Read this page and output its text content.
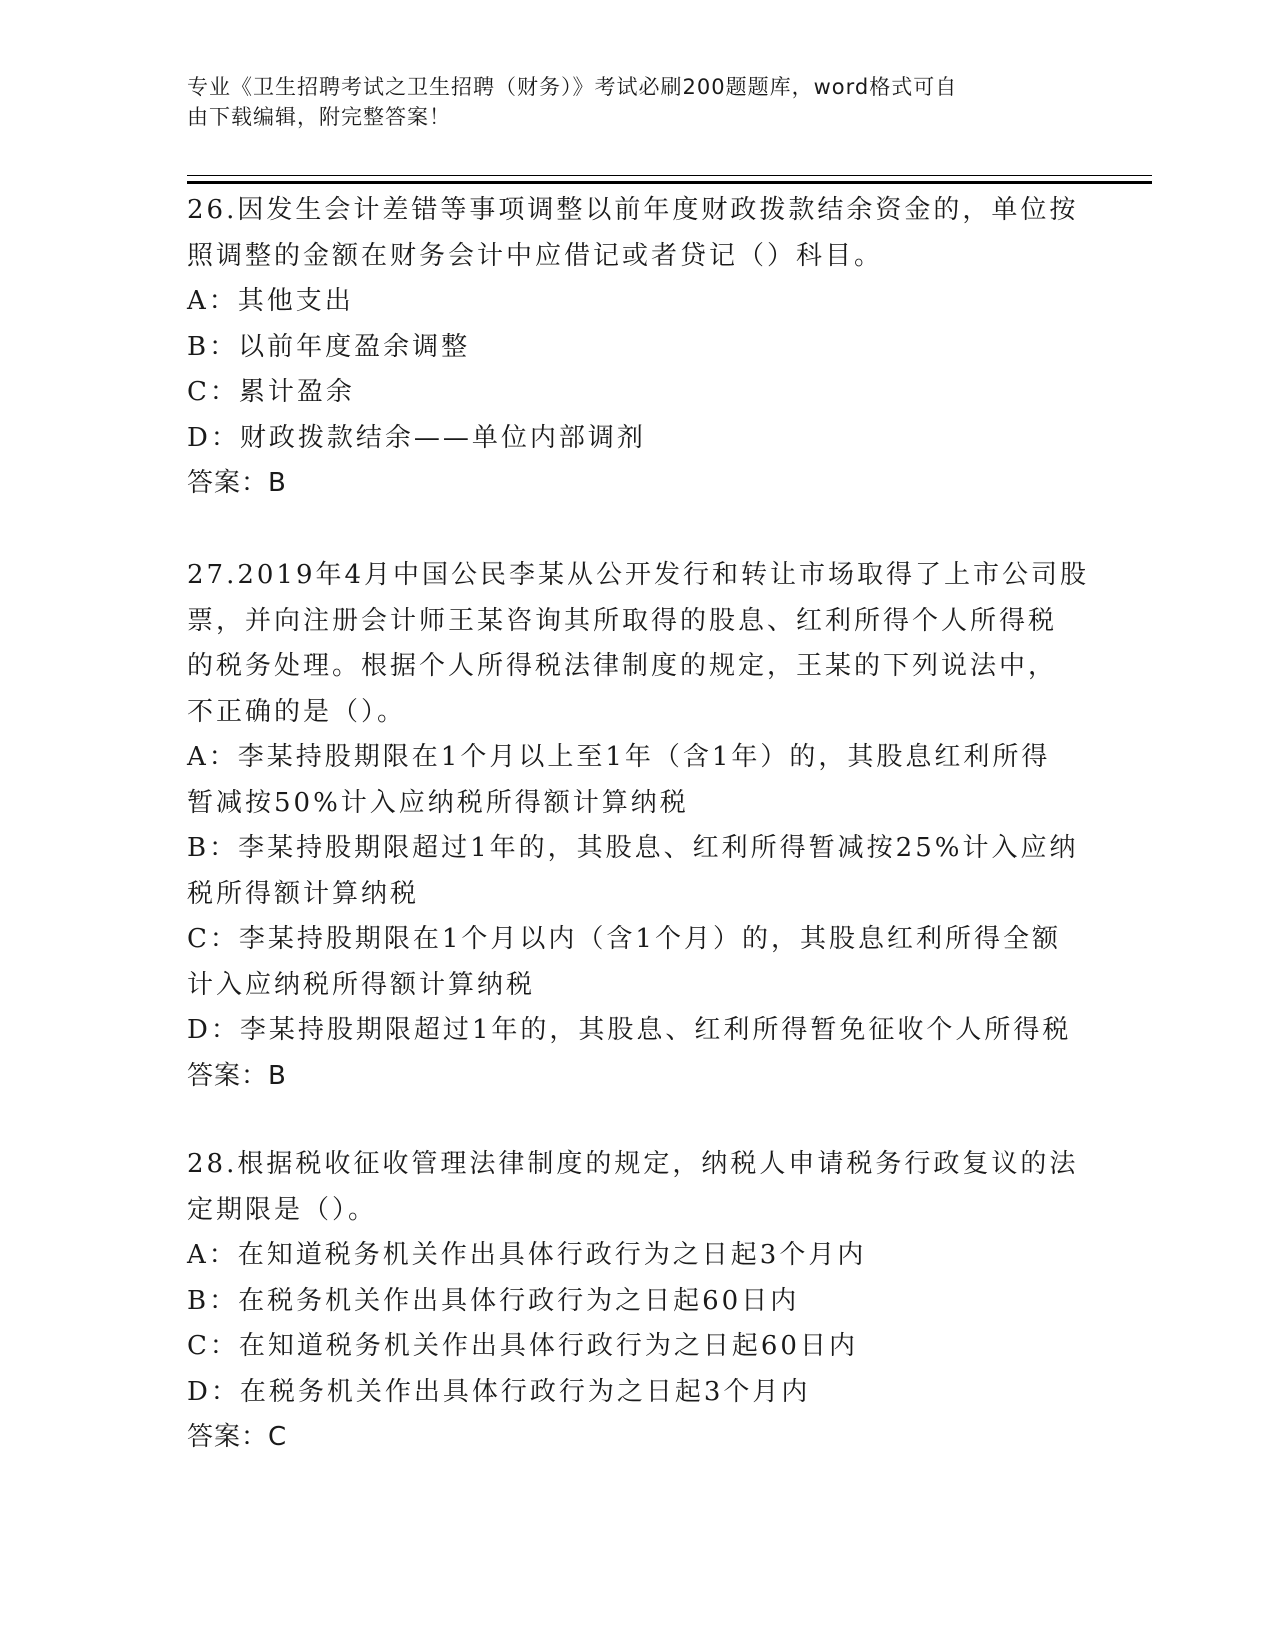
专业《卫生招聘考试之卫生招聘（财务）》考试必刷200题题库，word格式可自
由下载编辑，附完整答案！
26.因发生会计差错等事项调整以前年度财政拨款结余资金的，单位按
照调整的金额在财务会计中应借记或者贷记（）科目。
A：其他支出
B：以前年度盈余调整
C：累计盈余
D：财政拨款结余——单位内部调剂
答案：B
27.2019年4月中国公民李某从公开发行和转让市场取得了上市公司股
票，并向注册会计师王某咨询其所取得的股息、红利所得个人所得税
的税务处理。根据个人所得税法律制度的规定，王某的下列说法中，
不正确的是（）。
A：李某持股期限在1个月以上至1年（含1年）的，其股息红利所得
暂减按50%计入应纳税所得额计算纳税
B：李某持股期限超过1年的，其股息、红利所得暂减按25%计入应纳
税所得额计算纳税
C：李某持股期限在1个月以内（含1个月）的，其股息红利所得全额
计入应纳税所得额计算纳税
D：李某持股期限超过1年的，其股息、红利所得暂免征收个人所得税
答案：B
28.根据税收征收管理法律制度的规定，纳税人申请税务行政复议的法
定期限是（）。
A：在知道税务机关作出具体行政行为之日起3个月内
B：在税务机关作出具体行政行为之日起60日内
C：在知道税务机关作出具体行政行为之日起60日内
D：在税务机关作出具体行政行为之日起3个月内
答案：C
